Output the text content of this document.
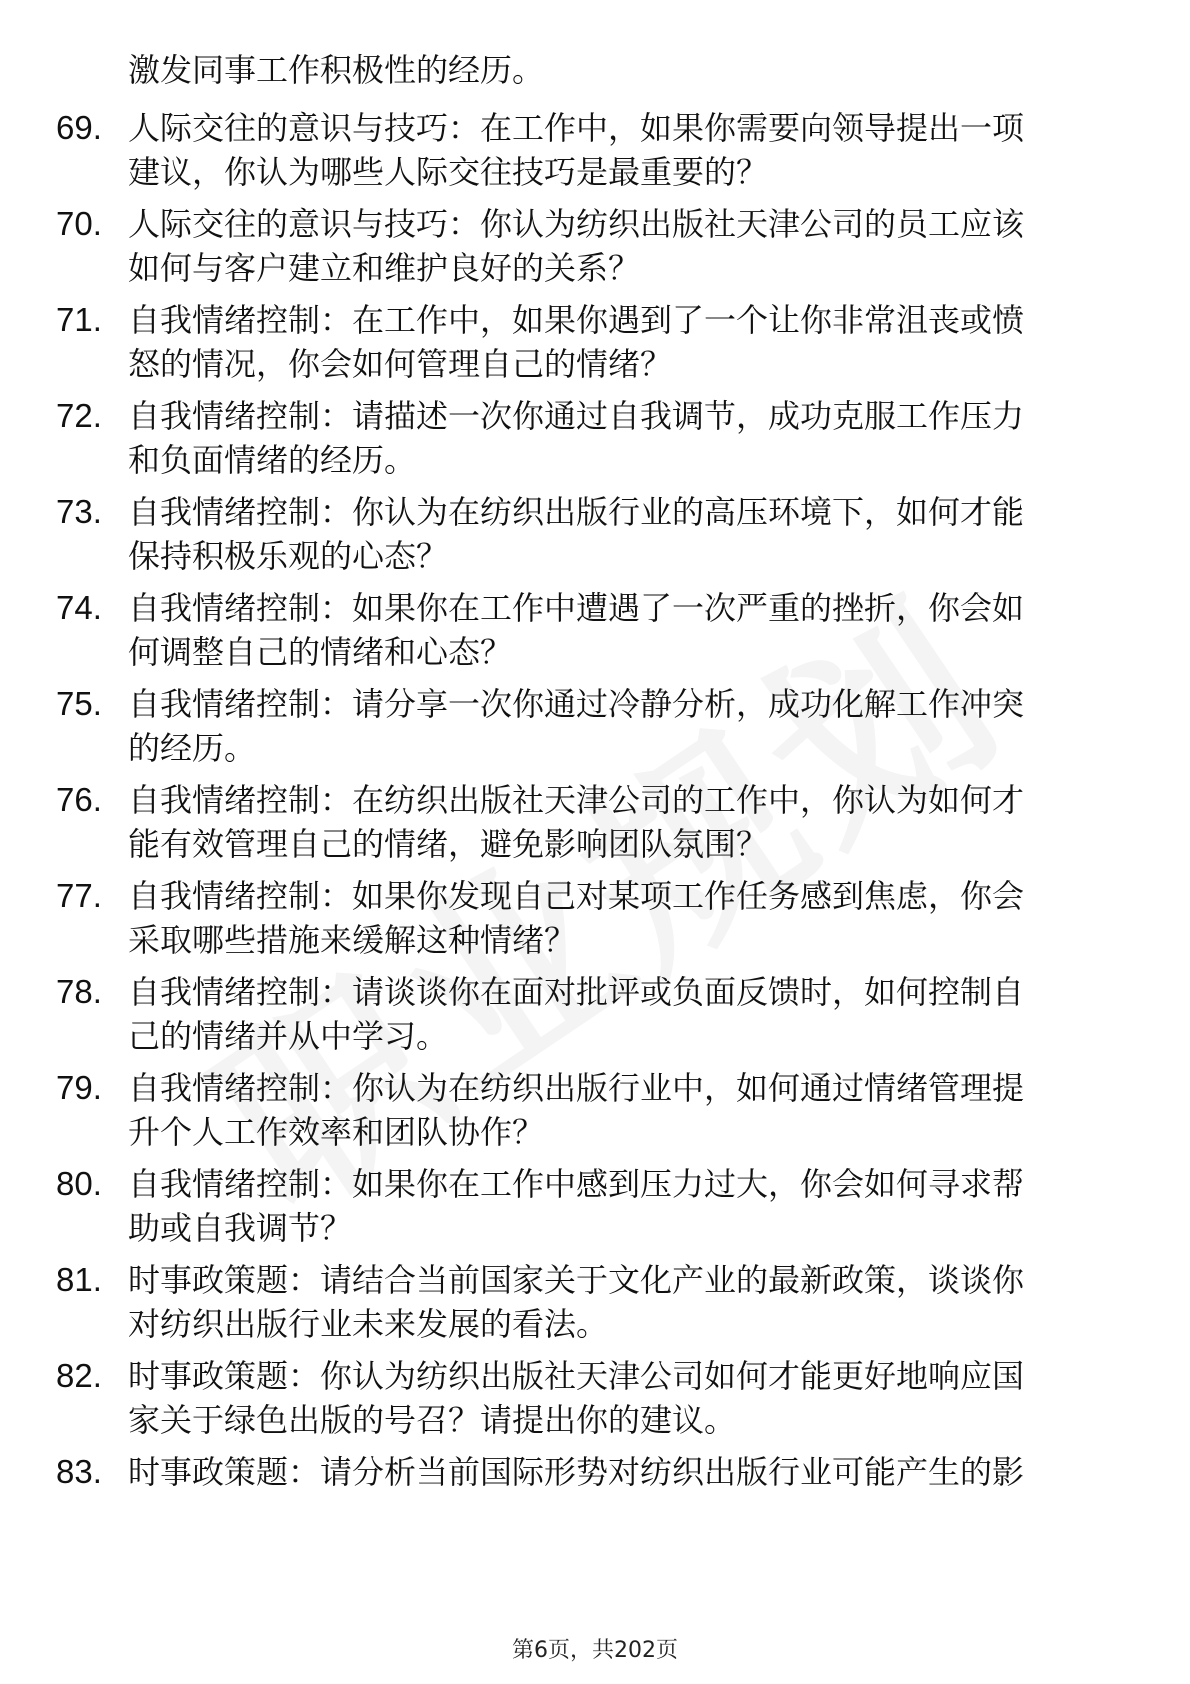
激发同事工作积极性的经历。
69. 人际交往的意识与技巧：在工作中，如果你需要向领导提出一项
建议，你认为哪些人际交往技巧是最重要的？
70. 人际交往的意识与技巧：你认为纺织出版社天津公司的员工应该
如何与客户建立和维护良好的关系？
71. 自我情绪控制：在工作中，如果你遇到了一个让你非常沮丧或愤
怒的情况，你会如何管理自己的情绪？
72. 自我情绪控制：请描述一次你通过自我调节，成功克服工作压力
和负面情绪的经历。
73. 自我情绪控制：你认为在纺织出版行业的高压环境下，如何才能
保持积极乐观的心态？
74. 自我情绪控制：如果你在工作中遭遇了一次严重的挫折，你会如
何调整自己的情绪和心态？
75. 自我情绪控制：请分享一次你通过冷静分析，成功化解工作冲突
的经历。
76. 自我情绪控制：在纺织出版社天津公司的工作中，你认为如何才
能有效管理自己的情绪，避免影响团队氛围？
77. 自我情绪控制：如果你发现自己对某项工作任务感到焦虑，你会
采取哪些措施来缓解这种情绪？
78. 自我情绪控制：请谈谈你在面对批评或负面反馈时，如何控制自
己的情绪并从中学习。
79. 自我情绪控制：你认为在纺织出版行业中，如何通过情绪管理提
升个人工作效率和团队协作？
80. 自我情绪控制：如果你在工作中感到压力过大，你会如何寻求帮
助或自我调节？
81. 时事政策题：请结合当前国家关于文化产业的最新政策，谈谈你
对纺织出版行业未来发展的看法。
82. 时事政策题：你认为纺织出版社天津公司如何才能更好地响应国
家关于绿色出版的号召？请提出你的建议。
83. 时事政策题：请分析当前国际形势对纺织出版行业可能产生的影
第6页，共202页
